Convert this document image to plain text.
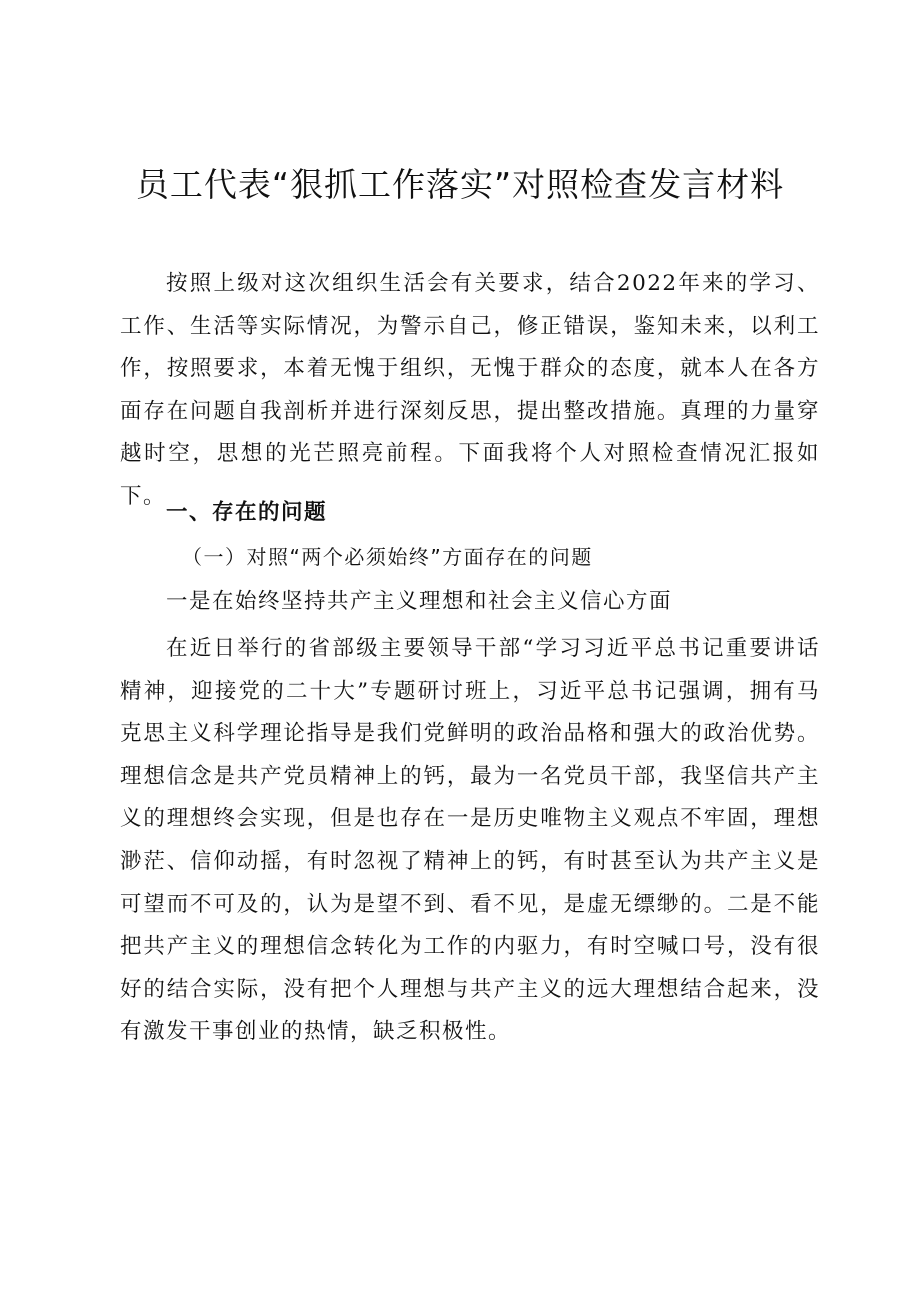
员工代表“狠抓工作落实”对照检查发言材料

按照上级对这次组织生活会有关要求，结合2022年来的学习、工作、生活等实际情况，为警示自己，修正错误，鉴知未来，以利工作，按照要求，本着无愧于组织，无愧于群众的态度，就本人在各方面存在问题自我剖析并进行深刻反思，提出整改措施。真理的力量穿越时空，思想的光芒照亮前程。下面我将个人对照检查情况汇报如下。

一、存在的问题

（一）对照“两个必须始终”方面存在的问题

一是在始终坚持共产主义理想和社会主义信心方面

在近日举行的省部级主要领导干部“学习习近平总书记重要讲话精神，迎接党的二十大”专题研讨班上，习近平总书记强调，拥有马克思主义科学理论指导是我们党鲜明的政治品格和强大的政治优势。理想信念是共产党员精神上的钙，最为一名党员干部，我坚信共产主义的理想终会实现，但是也存在一是历史唯物主义观点不牢固，理想渺茫、信仰动摇，有时忽视了精神上的钙，有时甚至认为共产主义是可望而不可及的，认为是望不到、看不见，是虚无缥缈的。二是不能把共产主义的理想信念转化为工作的内驱力，有时空喊口号，没有很好的结合实际，没有把个人理想与共产主义的远大理想结合起来，没有激发干事创业的热情，缺乏积极性。
